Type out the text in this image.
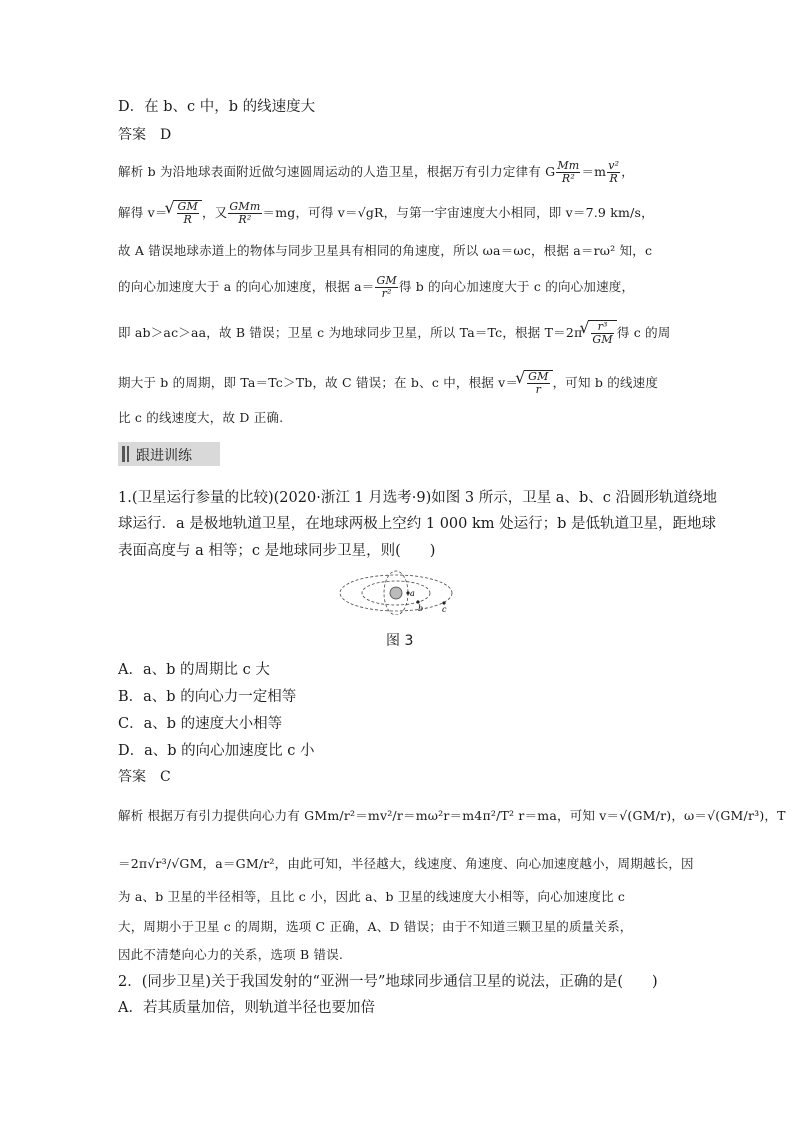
D．在 b、c 中，b 的线速度大
答案　D
解析 b 为沿地球表面附近做匀速圆周运动的人造卫星，根据万有引力定律有 G $\frac{Mm}{\text{R²}} =m \frac{\text{v²}}{R}$ ，
解得 v＝ √ $\frac{GM}{R}$ ，又 $\frac{\text{GMm}}{\text{R²}} =mg$，可得 v＝√gR，与第一宇宙速度大小相同，即 v＝7.9 km/s，
故 A 错误地球赤道上的物体与同步卫星具有相同的角速度，所以 ωa＝ωc，根据 a＝rω² 知，c
的向心加速度大于 a 的向心加速度，根据 $a= \frac{GM}{\text{r²}}$ 得 b 的向心加速度大于 c 的向心加速度，
即 ab＞ac＞aa，故 B 错误；卫星 c 为地球同步卫星，所以 Ta＝Tc，根据 T＝2π √ $\frac{\text{r³}}{GM}$ 得 c 的周
期大于 b 的周期，即 Ta＝Tc＞Tb，故 C 错误；在 b、c 中，根据 v＝ √ $\frac{GM}{r}$ ，可知 b 的线速度
比 c 的线速度大，故 D 正确.
跟进训练
1.(卫星运行参量的比较)(2020·浙江 1 月选考·9)如图 3 所示，卫星 a、b、c 沿圆形轨道绕地
球运行．a 是极地轨道卫星，在地球两极上空约 1 000 km 处运行；b 是低轨道卫星，距地球
表面高度与 a 相等；c 是地球同步卫星，则(　　)
a
b c
图 3
A．a、b 的周期比 c 大
B．a、b 的向心力一定相等
C．a、b 的速度大小相等
D．a、b 的向心加速度比 c 小
答案　C
解析 根据万有引力提供向心力有 GMm/r²＝mv²/r＝mω²r＝m4π²/T² r＝ma，可知 v＝√(GM/r)，ω＝√(GM/r³)，T
＝2π√r³/√GM，a＝GM/r²，由此可知，半径越大，线速度、角速度、向心加速度越小，周期越长，因
为 a、b 卫星的半径相等，且比 c 小，因此 a、b 卫星的线速度大小相等，向心加速度比 c
大，周期小于卫星 c 的周期，选项 C 正确，A、D 错误；由于不知道三颗卫星的质量关系，
因此不清楚向心力的关系，选项 B 错误.
2．(同步卫星)关于我国发射的“亚洲一号”地球同步通信卫星的说法，正确的是(　　)
A．若其质量加倍，则轨道半径也要加倍
